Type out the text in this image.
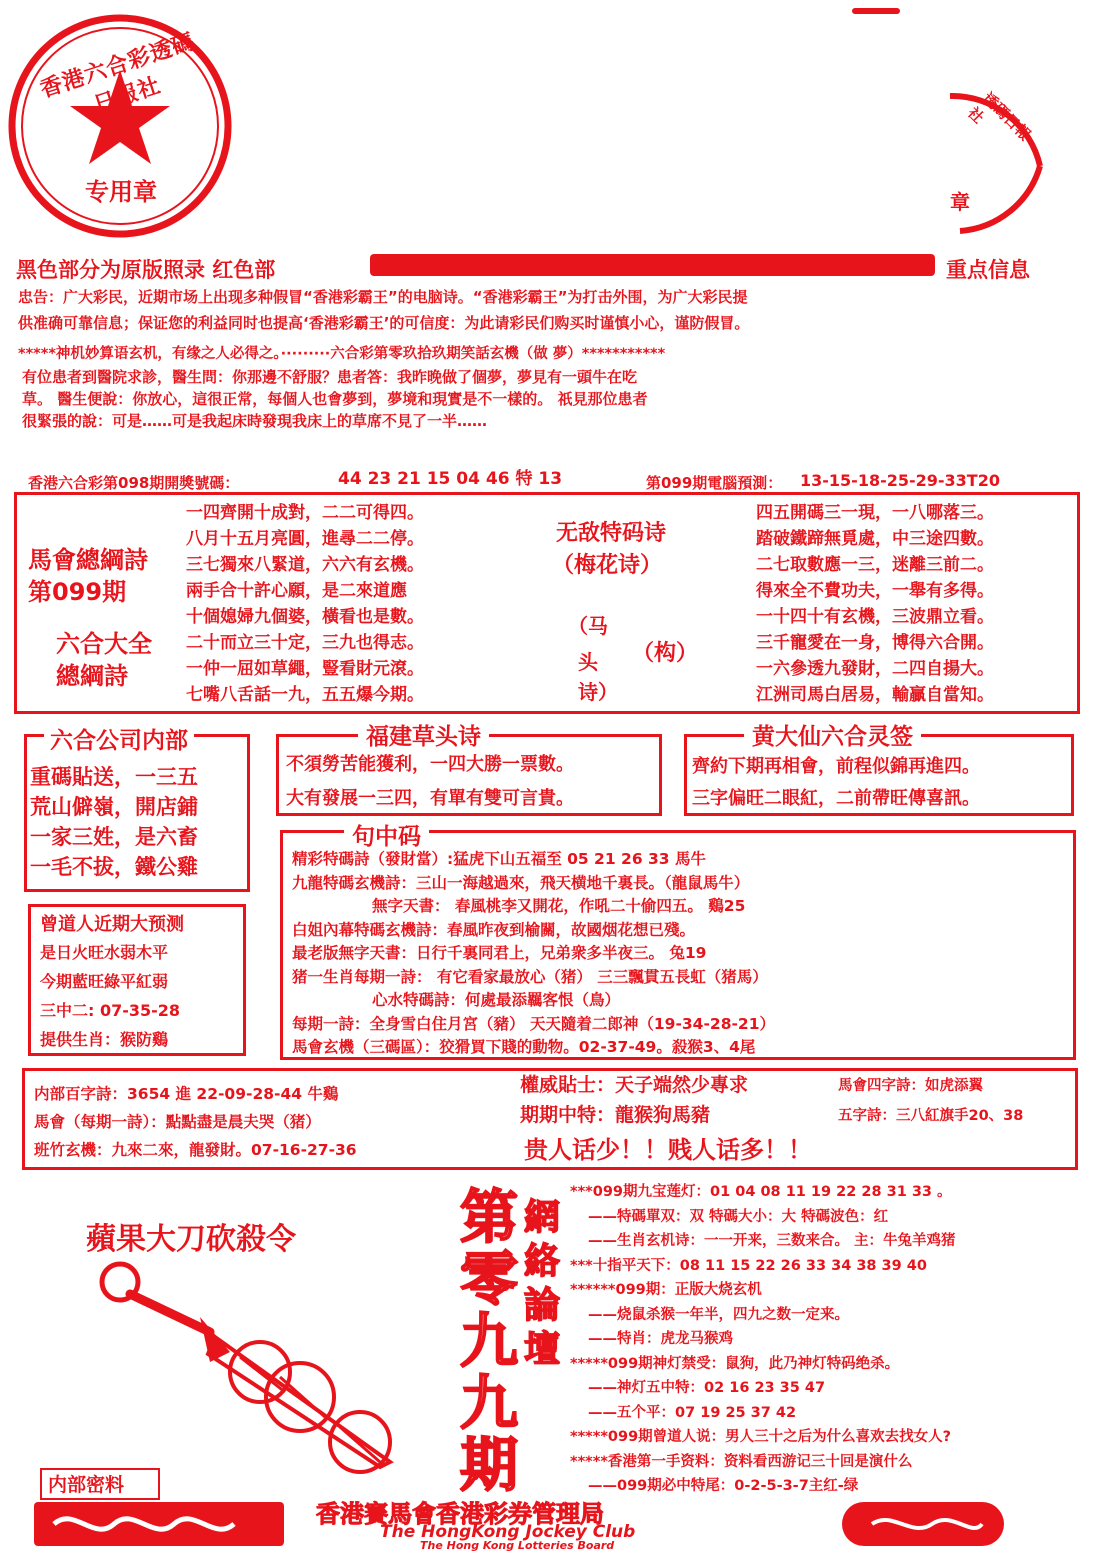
香港六合彩透碼日報社
专用章
透碼日報社
章
黑色部分为原版照录 红色部	重点信息
忠告：广大彩民，近期市场上出现多种假冒“香港彩霸王”的电脑诗。“香港彩霸王”为打击外围，为广大彩民提
供准确可靠信息；保证您的利益同时也提高‘香港彩霸王’的可信度：为此请彩民们购买时谨慎小心，谨防假冒。
*****神机妙算语玄机，有缘之人必得之。·········六合彩第零玖拾玖期笑話玄機（做 夢）***********
有位患者到醫院求診，醫生問：你那邊不舒服？患者答：我昨晚做了個夢，夢見有一頭牛在吃
草。 醫生便說：你放心，這很正常，每個人也會夢到，夢境和現實是不一樣的。 祇見那位患者
很緊張的說：可是……可是我起床時發現我床上的草席不見了一半……
香港六合彩第098期開獎號碼：	44 23 21 15 04 46 特 13	第099期電腦預測： 13-15-18-25-29-33T20
馬會總綱詩
第099期
六合大全
總綱詩
一四齊開十成對，二二可得四。
八月十五月亮圓，進尋二二停。
三七獨來八緊道，六六有玄機。
兩手合十許心願，是二來道應
十個媳婦九個婆，橫看也是數。
二十而立三十定，三九也得志。
一仲一屈如草繩，豎看財元滾。
七嘴八舌話一九，五五爆今期。
无敌特码诗
（梅花诗）
（马
头
诗）
（构）
四五開碼三一現，一八哪落三。
踏破鐵蹄無覓處，中三途四數。
二七取數應一三，迷離三前二。
得來全不費功夫，一舉有多得。
一十四十有玄機，三波鼎立看。
三千寵愛在一身，博得六合開。
一六參透九發財，二四自揚大。
江洲司馬白居易，輸贏自當知。
六合公司内部
重碼貼送，一三五
荒山僻嶺，開店鋪
一家三姓，是六畜
一毛不拔，鐵公雞
福建草头诗
不須勞苦能獲利，一四大勝一票數。
大有發展一三四，有單有雙可言貴。
黄大仙六合灵签
齊約下期再相會，前程似錦再進四。
三字偏旺二眼紅，二前帶旺傳喜訊。
句中码
精彩特碼詩（發財當）:猛虎下山五福至 05 21 26 33 馬牛
九龍特碼玄機詩：三山一海越過來，飛天横地千裏長。（龍鼠馬牛）
無字天書： 春風桃李又開花，作吼二十偷四五。 鷄25
白姐內幕特碼玄機詩：春風昨夜到榆關，故國烟花想已殘。
最老版無字天書：日行千裏同君上，兄弟衆多半夜三。 兔19
猪一生肖每期一詩： 有它看家最放心（猪） 三三飄貫五長虹（猪馬）
心水特碼詩：何處最添羈客恨（鳥）
每期一詩：全身雪白住月宮（豬） 天天隨着二郎神（19-34-28-21）
馬會玄機（三碼區）：狡猾買下賤的動物。02-37-49。殺猴3、4尾
曾道人近期大预测
是日火旺水弱木平
今期藍旺綠平紅弱
三中二: 07-35-28
提供生肖：猴防鷄
内部百字詩：3654 進 22-09-28-44 牛鷄
馬會（每期一詩）：點點盡是晨夫哭（猪）
班竹玄機：九來二來，龍發財。07-16-27-36
權威貼士：天子端然少專求
期期中特：龍猴狗馬豬
馬會四字詩：如虎添翼
五字詩：三八紅旗手20、38
贵人话少！！贱人话多！！
蘋果大刀砍殺令
内部密料
第零九九期
網絡論壇
***099期九宝莲灯：01 04 08 11 19 22 28 31 33 。
——特碼單双：双 特碼大小：大 特碼波色：红
——生肖玄机诗：一一开来，三数来合。 主：牛兔羊鸡猪
***十指平天下：08 11 15 22 26 33 34 38 39 40
******099期：正版大烧玄机
——烧鼠杀猴一年半，四九之数一定来。
——特肖：虎龙马猴鸡
*****099期神灯禁受：鼠狗，此乃神灯特码绝杀。
——神灯五中特：02 16 23 35 47
——五个平：07 19 25 37 42
*****099期曾道人说：男人三十之后为什么喜欢去找女人?
*****香港第一手资料：资料看西游记三十回是演什么
——099期必中特尾：0-2-5-3-7主红-绿
香港賽馬會香港彩券管理局
The HongKong Jockey Club
The Hong Kong Lotteries Board
